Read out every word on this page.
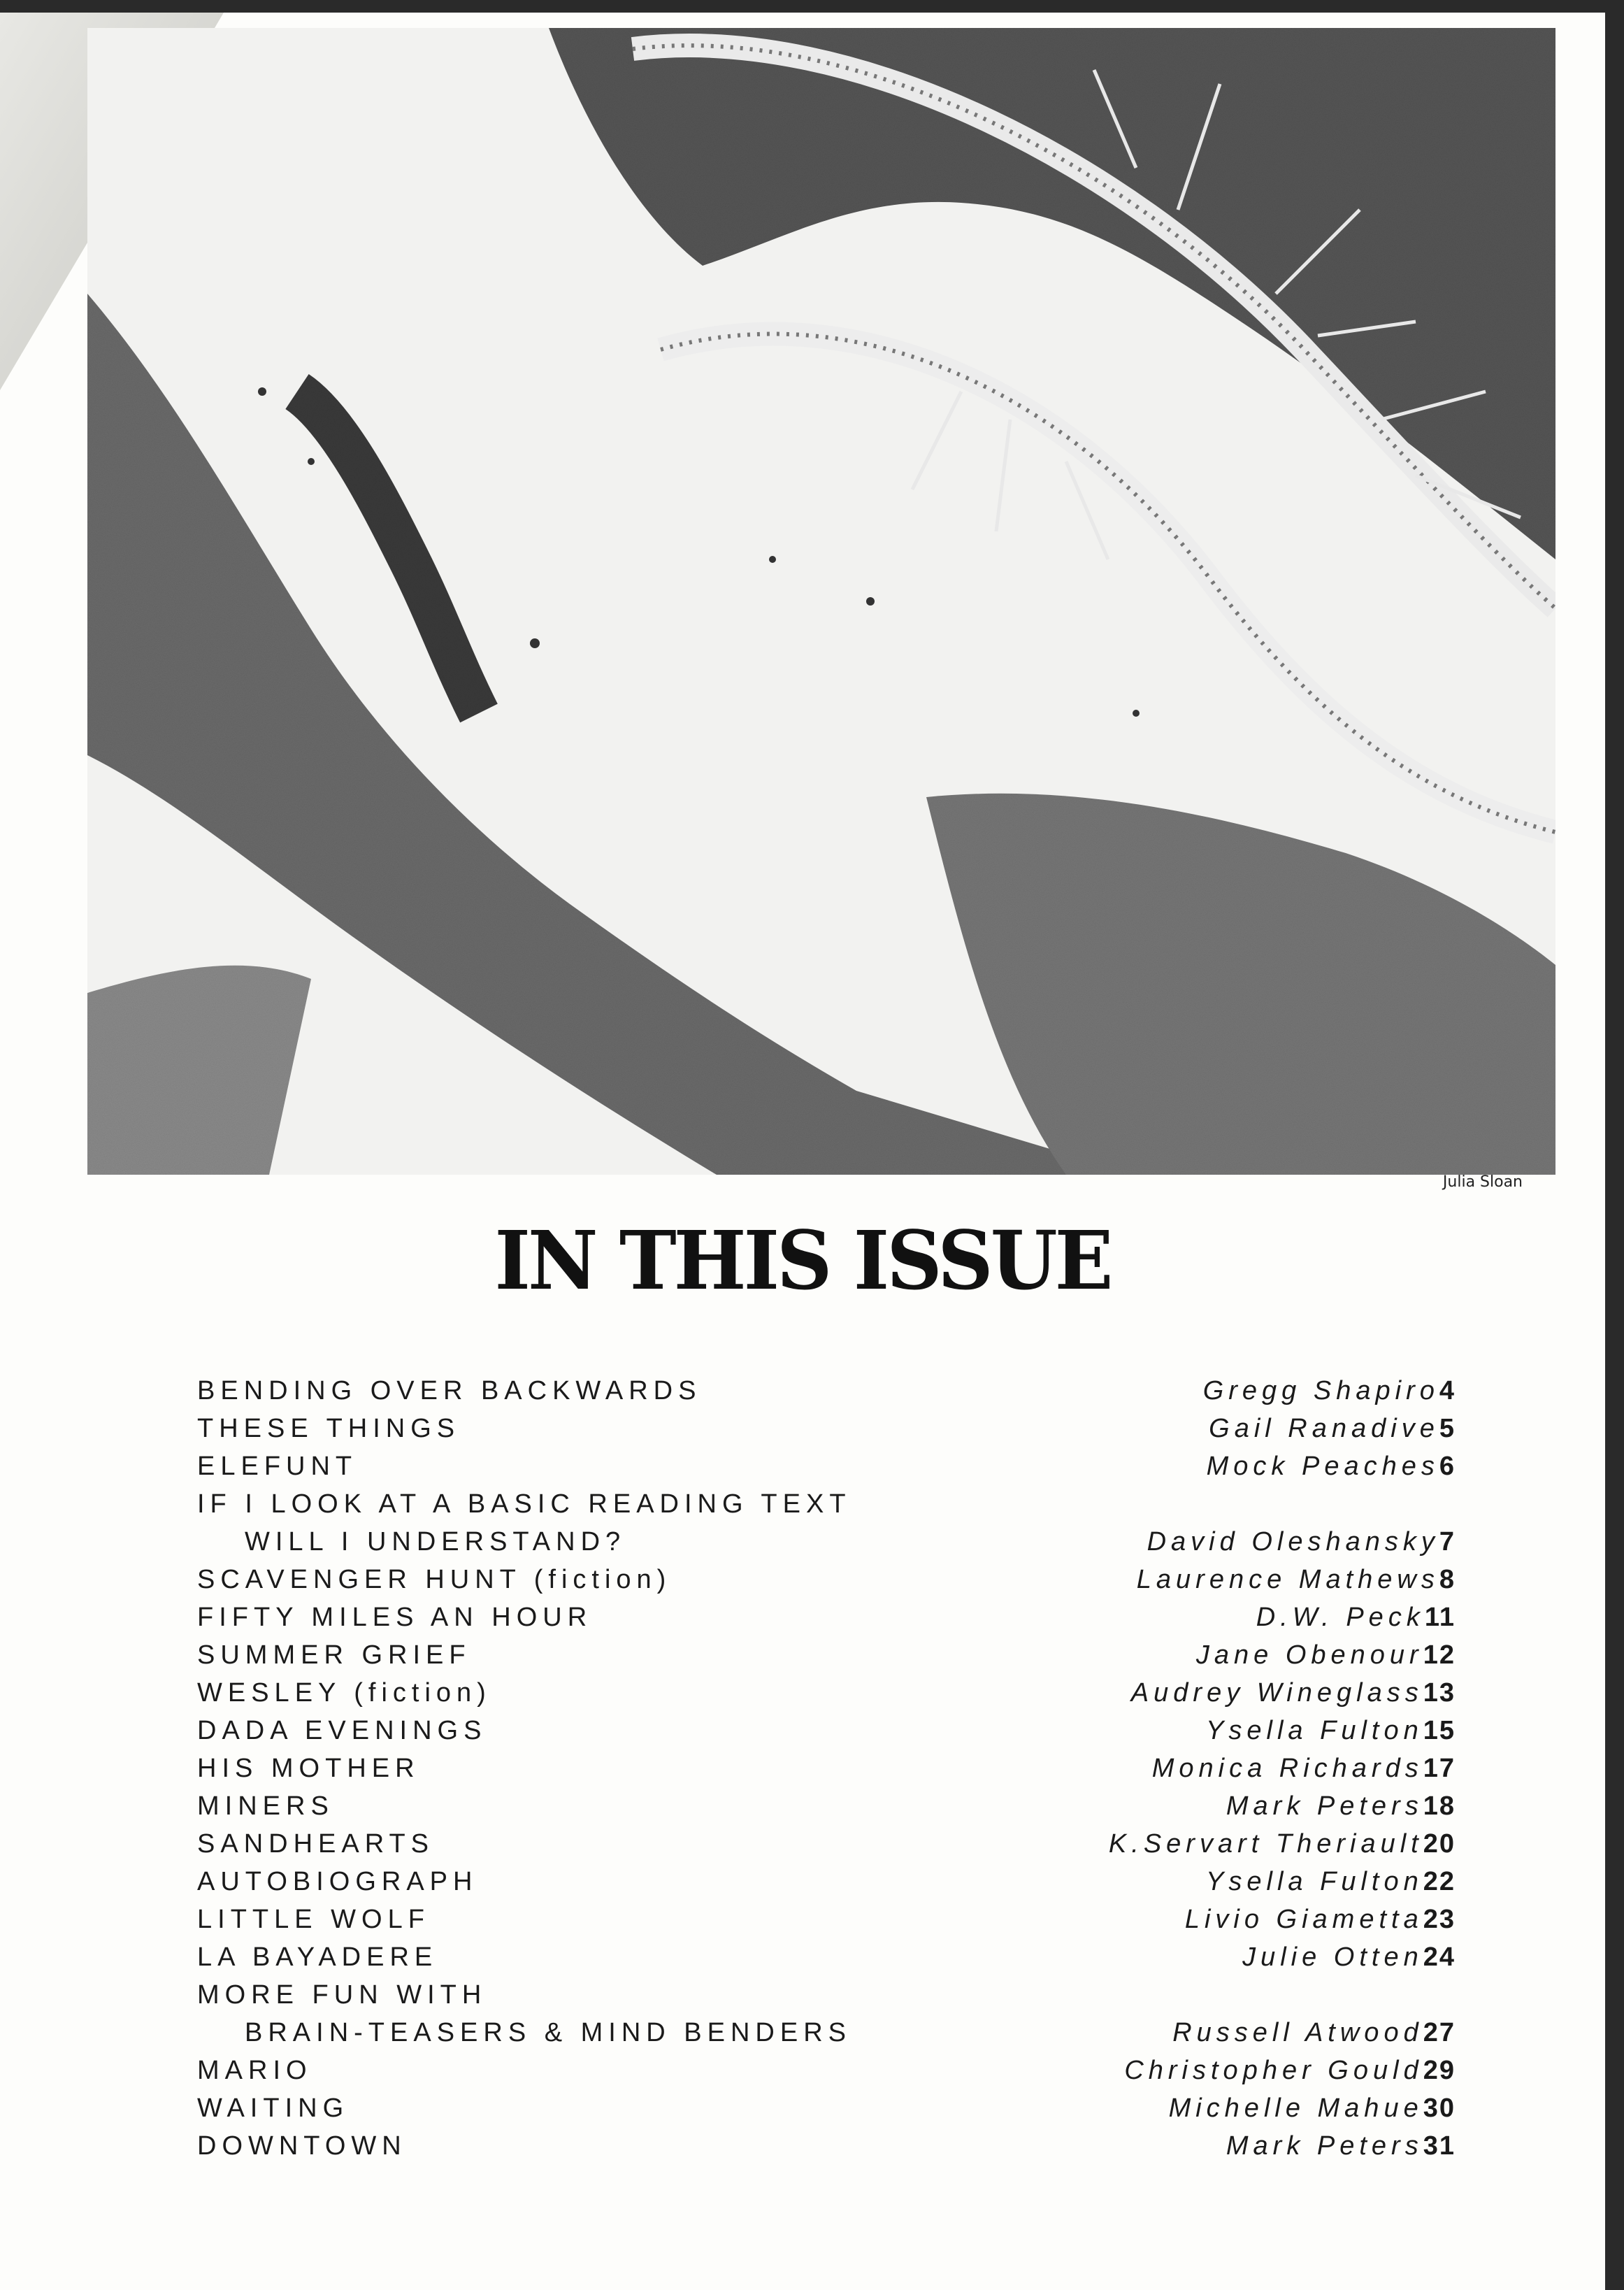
Julia Sloan
IN THIS ISSUE
BENDING OVER BACKWARDS	Gregg Shapiro 4
THESE THINGS	Gail Ranadive 5
ELEFUNT	Mock Peaches 6
IF I LOOK AT A BASIC READING TEXT
WILL I UNDERSTAND?	David Oleshansky 7
SCAVENGER HUNT (fiction)	Laurence Mathews 8
FIFTY MILES AN HOUR	D.W. Peck 11
SUMMER GRIEF	Jane Obenour 12
WESLEY (fiction)	Audrey Wineglass 13
DADA EVENINGS	Ysella Fulton 15
HIS MOTHER	Monica Richards 17
MINERS	Mark Peters 18
SANDHEARTS	K.Servart Theriault 20
AUTOBIOGRAPH	Ysella Fulton 22
LITTLE WOLF	Livio Giametta 23
LA BAYADERE	Julie Otten 24
MORE FUN WITH
BRAIN-TEASERS & MIND BENDERS	Russell Atwood 27
MARIO	Christopher Gould 29
WAITING	Michelle Mahue 30
DOWNTOWN	Mark Peters 31
